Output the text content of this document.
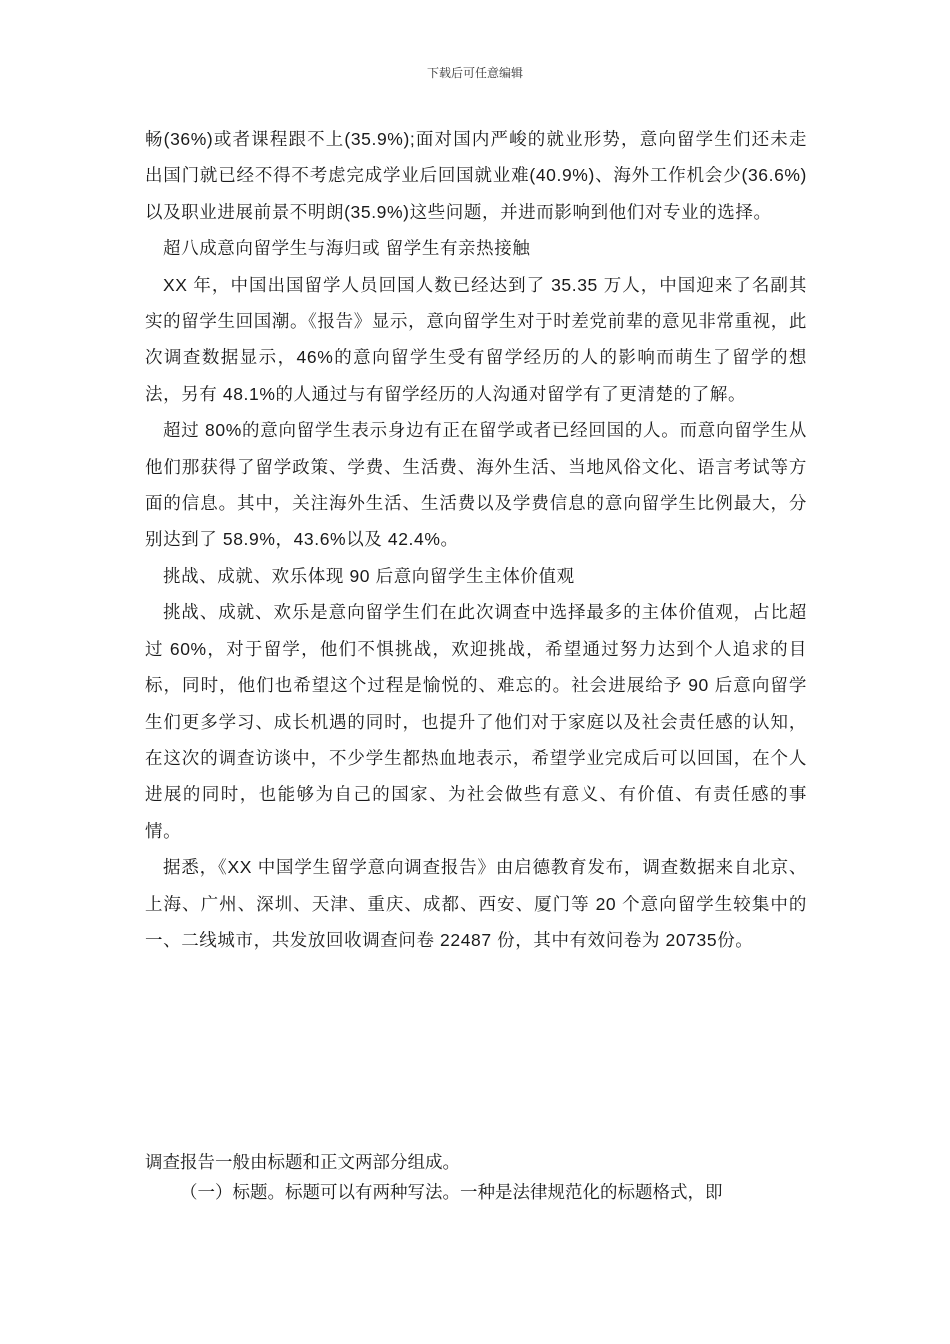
下载后可任意编辑

畅(36%)或者课程跟不上(35.9%);面对国内严峻的就业形势，意向留学生们还未走出国门就已经不得不考虑完成学业后回国就业难(40.9%)、海外工作机会少(36.6%)以及职业进展前景不明朗(35.9%)这些问题，并进而影响到他们对专业的选择。

超八成意向留学生与海归或 留学生有亲热接触

XX 年，中国出国留学人员回国人数已经达到了 35.35 万人，中国迎来了名副其实的留学生回国潮。《报告》显示，意向留学生对于时差党前辈的意见非常重视，此次调查数据显示，46%的意向留学生受有留学经历的人的影响而萌生了留学的想法，另有 48.1%的人通过与有留学经历的人沟通对留学有了更清楚的了解。

超过 80%的意向留学生表示身边有正在留学或者已经回国的人。而意向留学生从他们那获得了留学政策、学费、生活费、海外生活、当地风俗文化、语言考试等方面的信息。其中，关注海外生活、生活费以及学费信息的意向留学生比例最大，分别达到了 58.9%，43.6%以及 42.4%。

挑战、成就、欢乐体现 90 后意向留学生主体价值观

挑战、成就、欢乐是意向留学生们在此次调查中选择最多的主体价值观，占比超过 60%，对于留学，他们不惧挑战，欢迎挑战，希望通过努力达到个人追求的目标，同时，他们也希望这个过程是愉悦的、难忘的。社会进展给予 90 后意向留学生们更多学习、成长机遇的同时，也提升了他们对于家庭以及社会责任感的认知，在这次的调查访谈中，不少学生都热血地表示，希望学业完成后可以回国，在个人进展的同时，也能够为自己的国家、为社会做些有意义、有价值、有责任感的事情。

据悉，《XX 中国学生留学意向调查报告》由启德教育发布，调查数据来自北京、上海、广州、深圳、天津、重庆、成都、西安、厦门等 20 个意向留学生较集中的一、二线城市，共发放回收调查问卷 22487 份，其中有效问卷为 20735份。

调查报告一般由标题和正文两部分组成。

（一）标题。标题可以有两种写法。一种是法律规范化的标题格式，即
